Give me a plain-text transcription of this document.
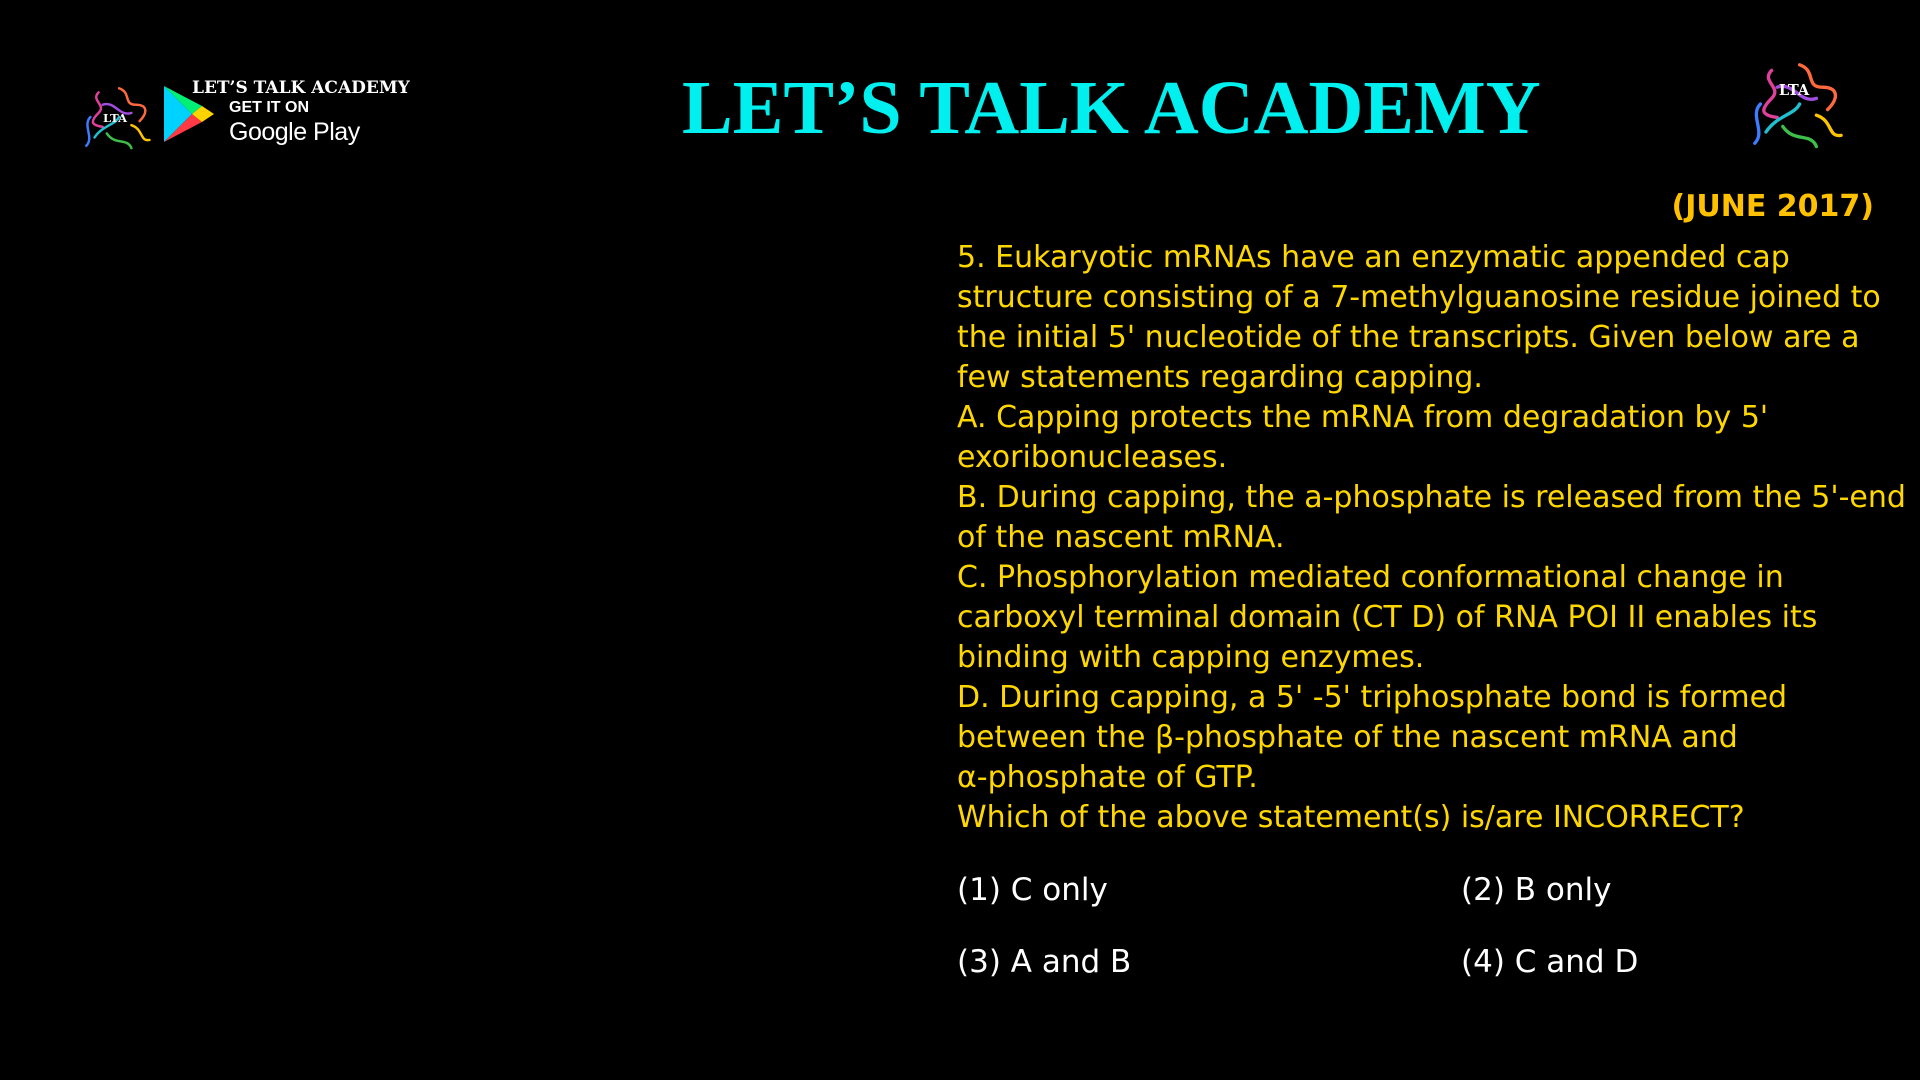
LTA
LET’S TALK ACADEMY
GET IT ON
Google Play	LET’S TALK ACADEMY	LTA
(JUNE 2017)
5. Eukaryotic mRNAs have an enzymatic appended cap
structure consisting of a 7-methylguanosine residue joined to
the initial 5' nucleotide of the transcripts. Given below are a
few statements regarding capping.
A. Capping protects the mRNA from degradation by 5'
exoribonucleases.
B. During capping, the a-phosphate is released from the 5'-end
of the nascent mRNA.
C. Phosphorylation mediated conformational change in
carboxyl terminal domain (CT D) of RNA POI II enables its
binding with capping enzymes.
D. During capping, a 5' -5' triphosphate bond is formed
between the β-phosphate of the nascent mRNA and
α-phosphate of GTP.
Which of the above statement(s) is/are INCORRECT?
(1) C only	(2) B only
(3) A and B	(4) C and D
